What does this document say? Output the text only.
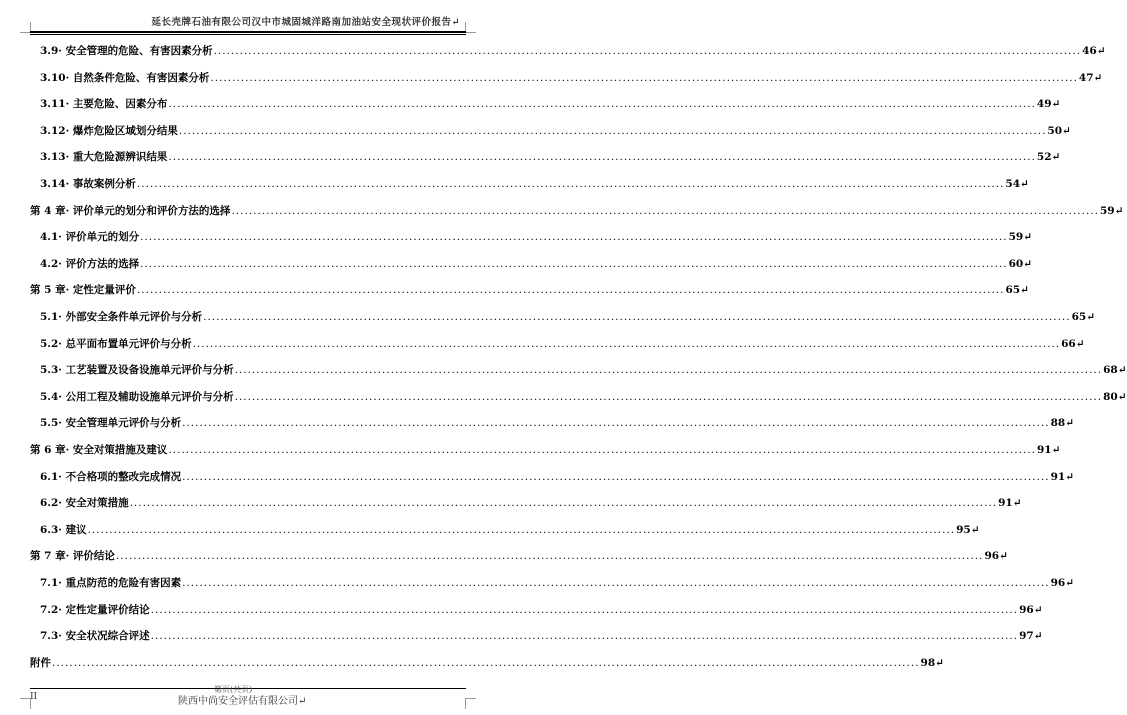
延长壳牌石油有限公司汉中市城固城洋路南加油站安全现状评价报告↵
3.9· 安全管理的危险、有害因素分析 ........................................................................................................................................................................................................ 46↵
3.10· 自然条件危险、有害因素分析 ........................................................................................................................................................................................................ 47↵
3.11· 主要危险、因素分布 ........................................................................................................................................................................................................ 49↵
3.12· 爆炸危险区域划分结果 ........................................................................................................................................................................................................ 50↵
3.13· 重大危险源辨识结果 ........................................................................................................................................................................................................ 52↵
3.14· 事故案例分析 ........................................................................................................................................................................................................ 54↵
第 4 章· 评价单元的划分和评价方法的选择 ........................................................................................................................................................................................................ 59↵
4.1· 评价单元的划分 ........................................................................................................................................................................................................ 59↵
4.2· 评价方法的选择 ........................................................................................................................................................................................................ 60↵
第 5 章· 定性定量评价 ........................................................................................................................................................................................................ 65↵
5.1· 外部安全条件单元评价与分析 ........................................................................................................................................................................................................ 65↵
5.2· 总平面布置单元评价与分析 ........................................................................................................................................................................................................ 66↵
5.3· 工艺装置及设备设施单元评价与分析 ........................................................................................................................................................................................................ 68↵
5.4· 公用工程及辅助设施单元评价与分析 ........................................................................................................................................................................................................ 80↵
5.5· 安全管理单元评价与分析 ........................................................................................................................................................................................................ 88↵
第 6 章· 安全对策措施及建议 ........................................................................................................................................................................................................ 91↵
6.1· 不合格项的整改完成情况 ........................................................................................................................................................................................................ 91↵
6.2· 安全对策措施 ........................................................................................................................................................................................................ 91↵
6.3· 建议 ........................................................................................................................................................................................................ 95↵
第 7 章· 评价结论 ........................................................................................................................................................................................................ 96↵
7.1· 重点防范的危险有害因素 ........................................................................................................................................................................................................ 96↵
7.2· 定性定量评价结论 ........................................................................................................................................................................................................ 96↵
7.3· 安全状况综合评述 ........................................................................................................................................................................................................ 97↵
附件 ........................................................................................................................................................................................................ 98↵
II
第页(共页)
陕西中尚安全评估有限公司↵
